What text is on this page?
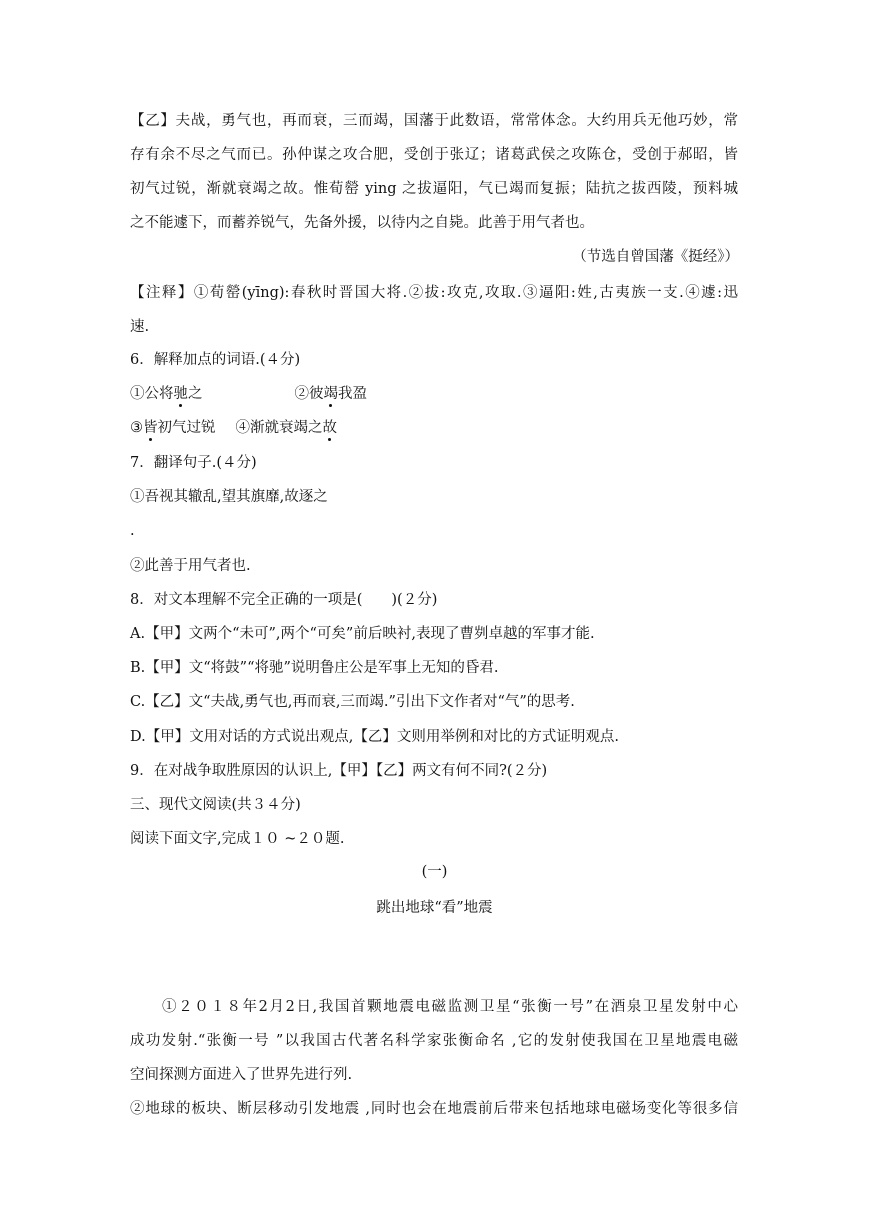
【乙】夫战，勇气也，再而衰，三而竭，国藩于此数语，常常体念。大约用兵无他巧妙，常
存有余不尽之气而已。孙仲谋之攻合肥，受创于张辽；诸葛武侯之攻陈仓，受创于郝昭，皆
初气过锐，渐就衰竭之故。惟荀罃 ying 之拔逼阳，气已竭而复振；陆抗之拔西陵，预料城
之不能遽下，而蓄养锐气，先备外援，以待内之自毙。此善于用气者也。
（节选自曾国藩《挺经》）
【注释】①荀罃(yīng):春秋时晋国大将.②拔:攻克,攻取.③逼阳:姓,古夷族一支.④遽:迅
速.
6．解释加点的词语.(４分)
①公将驰之	②彼竭我盈
③皆初气过锐 ④渐就衰竭之故
7．翻译句子.(４分)
①吾视其辙乱,望其旗靡,故逐之
.
②此善于用气者也.
8．对文本理解不完全正确的一项是(　　)(２分)
A.【甲】文两个“未可”,两个“可矣”前后映衬,表现了曹刿卓越的军事才能.
B.【甲】文“将鼓”“将驰”说明鲁庄公是军事上无知的昏君.
C.【乙】文“夫战,勇气也,再而衰,三而竭.”引出下文作者对“气”的思考.
D.【甲】文用对话的方式说出观点,【乙】文则用举例和对比的方式证明观点.
9．在对战争取胜原因的认识上,【甲】【乙】两文有何不同?(２分)
三、现代文阅读(共３４分)
阅读下面文字,完成１０ ~２０题.
(一)
跳出地球“看”地震
①２０１８年2月2日,我国首颗地震电磁监测卫星“张衡一号”在酒泉卫星发射中心
成功发射.“张衡一号 ”以我国古代著名科学家张衡命名 ,它的发射使我国在卫星地震电磁
空间探测方面进入了世界先进行列.
②地球的板块、断层移动引发地震 ,同时也会在地震前后带来包括地球电磁场变化等很多信
